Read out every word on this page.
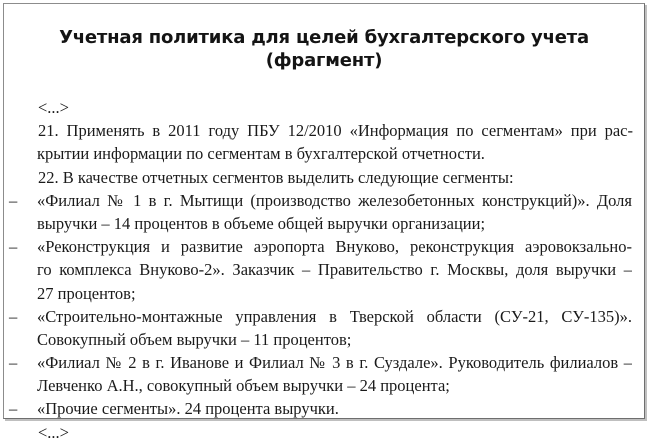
Учетная политика для целей бухгалтерского учета
(фрагмент)
<...>
21. Применять в 2011 году ПБУ 12/2010 «Информация по сегментам» при рас-
крытии информации по сегментам в бухгалтерской отчетности.
22. В качестве отчетных сегментов выделить следующие сегменты:
– «Филиал № 1 в г. Мытищи (производство железобетонных конструкций)». Доля
выручки – 14 процентов в объеме общей выручки организации;
– «Реконструкция и развитие аэропорта Внуково, реконструкция аэровокзально-
го комплекса Внуково-2». Заказчик – Правительство г. Москвы, доля выручки –
27 процентов;
– «Строительно-монтажные управления в Тверской области (СУ-21, СУ-135)».
Совокупный объем выручки – 11 процентов;
– «Филиал № 2 в г. Иванове и Филиал № 3 в г. Суздале». Руководитель филиалов –
Левченко А.Н., совокупный объем выручки – 24 процента;
– «Прочие сегменты». 24 процента выручки.
<...>
